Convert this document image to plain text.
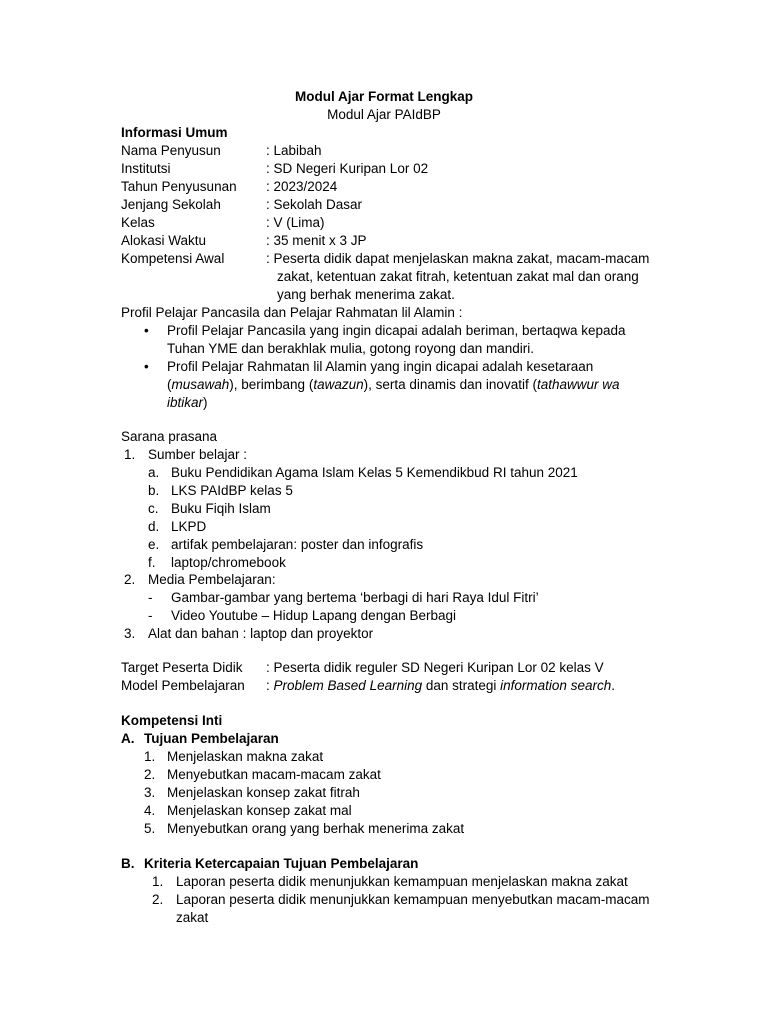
Modul Ajar Format Lengkap
Modul Ajar PAIdBP
Informasi Umum
Nama Penyusun	: Labibah
Institutsi	: SD Negeri Kuripan Lor 02
Tahun Penyusunan : 2023/2024
Jenjang Sekolah	: Sekolah Dasar
Kelas	: V (Lima)
Alokasi Waktu	: 35 menit x 3 JP
Kompetensi Awal	: Peserta didik dapat menjelaskan makna zakat, macam-macam
zakat, ketentuan zakat fitrah, ketentuan zakat mal dan orang
yang berhak menerima zakat.
Profil Pelajar Pancasila dan Pelajar Rahmatan lil Alamin :
• Profil Pelajar Pancasila yang ingin dicapai adalah beriman, bertaqwa kepada
Tuhan YME dan berakhlak mulia, gotong royong dan mandiri.
• Profil Pelajar Rahmatan lil Alamin yang ingin dicapai adalah kesetaraan
(musawah), berimbang (tawazun), serta dinamis dan inovatif (tathawwur wa
ibtikar)
Sarana prasana
1. Sumber belajar :
a. Buku Pendidikan Agama Islam Kelas 5 Kemendikbud RI tahun 2021
b. LKS PAIdBP kelas 5
c. Buku Fiqih Islam
d. LKPD
e. artifak pembelajaran: poster dan infografis
f. laptop/chromebook
2. Media Pembelajaran:
- Gambar-gambar yang bertema ‘berbagi di hari Raya Idul Fitri’
- Video Youtube – Hidup Lapang dengan Berbagi
3. Alat dan bahan : laptop dan proyektor
Target Peserta Didik : Peserta didik reguler SD Negeri Kuripan Lor 02 kelas V
Model Pembelajaran : Problem Based Learning dan strategi information search.
Kompetensi Inti
A. Tujuan Pembelajaran
1. Menjelaskan makna zakat
2. Menyebutkan macam-macam zakat
3. Menjelaskan konsep zakat fitrah
4. Menjelaskan konsep zakat mal
5. Menyebutkan orang yang berhak menerima zakat
B. Kriteria Ketercapaian Tujuan Pembelajaran
1. Laporan peserta didik menunjukkan kemampuan menjelaskan makna zakat
2. Laporan peserta didik menunjukkan kemampuan menyebutkan macam-macam
zakat
